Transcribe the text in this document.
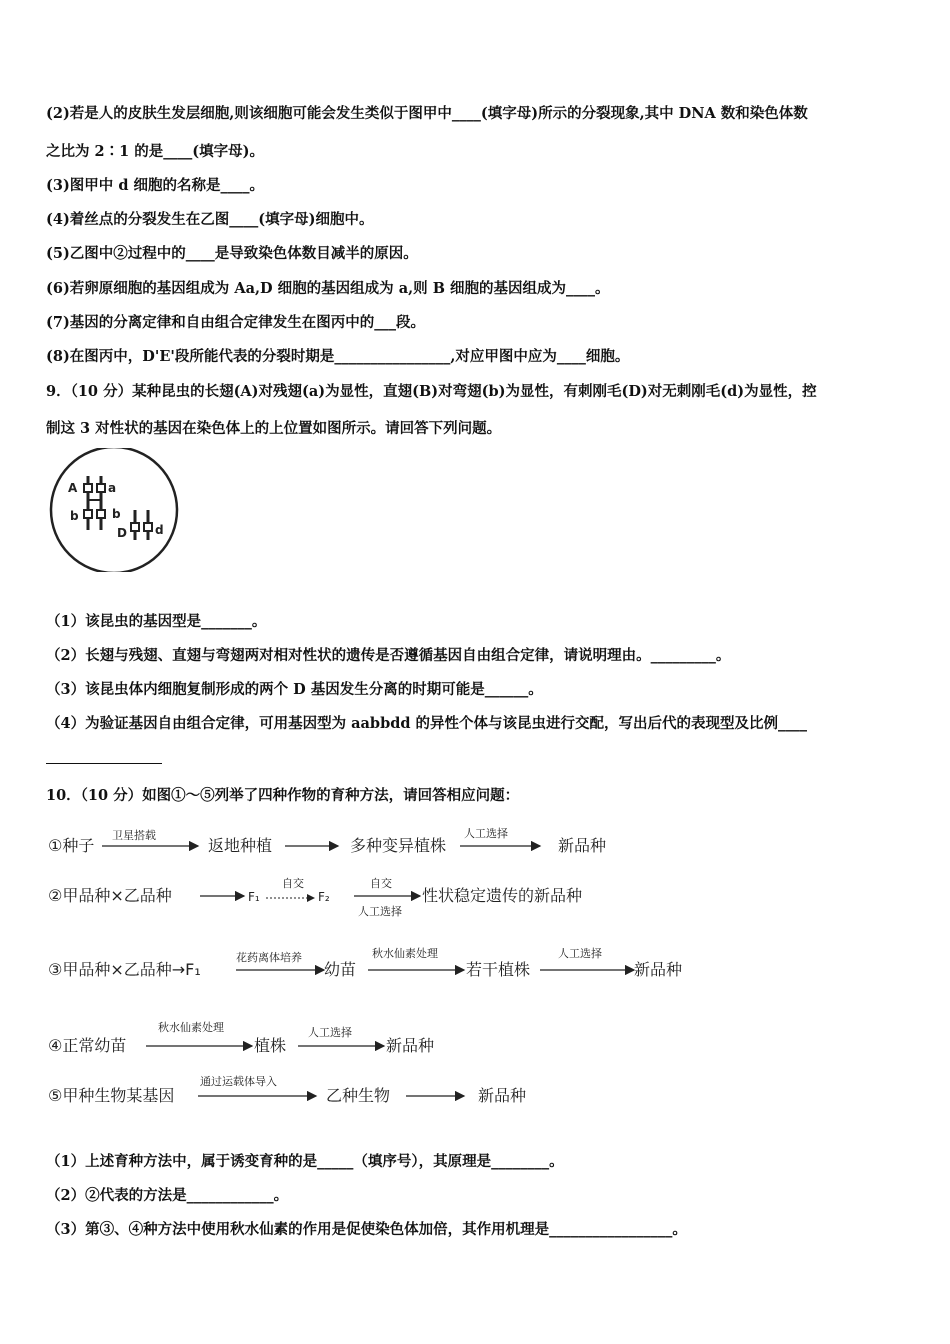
(2)若是人的皮肤生发层细胞,则该细胞可能会发生类似于图甲中____(填字母)所示的分裂现象,其中 DNA 数和染色体数
之比为 2∶1 的是____(填字母)。
(3)图甲中 d 细胞的名称是____。
(4)着丝点的分裂发生在乙图____(填字母)细胞中。
(5)乙图中②过程中的____是导致染色体数目减半的原因。
(6)若卵原细胞的基因组成为 Aa,D 细胞的基因组成为 a,则 B 细胞的基因组成为____。
(7)基因的分离定律和自由组合定律发生在图丙中的___段。
(8)在图丙中，D'E'段所能代表的分裂时期是________________,对应甲图中应为____细胞。
9．（10 分）某种昆虫的长翅(A)对残翅(a)为显性，直翅(B)对弯翅(b)为显性，有刺刚毛(D)对无刺刚毛(d)为显性，控
制这 3 对性状的基因在染色体上的上位置如图所示。请回答下列问题。
A	a
b	b
D d
（1）该昆虫的基因型是_______。
（2）长翅与残翅、直翅与弯翅两对相对性状的遗传是否遵循基因自由组合定律，请说明理由。_________。
（3）该昆虫体内细胞复制形成的两个 D 基因发生分离的时期可能是______。
（4）为验证基因自由组合定律，可用基因型为 aabbdd 的异性个体与该昆虫进行交配，写出后代的表现型及比例____
10．（10 分）如图①～⑤列举了四种作物的育种方法，请回答相应问题：
①种子
卫星搭载
返地种植	多种变异植株
人工选择
新品种
②甲品种×乙品种	F₁
自交
F₂
自交
人工选择
性状稳定遗传的新品种
③甲品种×乙品种→F₁
花药离体培养
幼苗
秋水仙素处理
若干植株
人工选择
新品种
④正常幼苗
秋水仙素处理
植株
人工选择
新品种
⑤甲种生物某基因
通过运载体导入
乙种生物	新品种
（1）上述育种方法中，属于诱变育种的是_____（填序号），其原理是________。
（2）②代表的方法是____________。
（3）第③、④种方法中使用秋水仙素的作用是促使染色体加倍，其作用机理是_________________。
